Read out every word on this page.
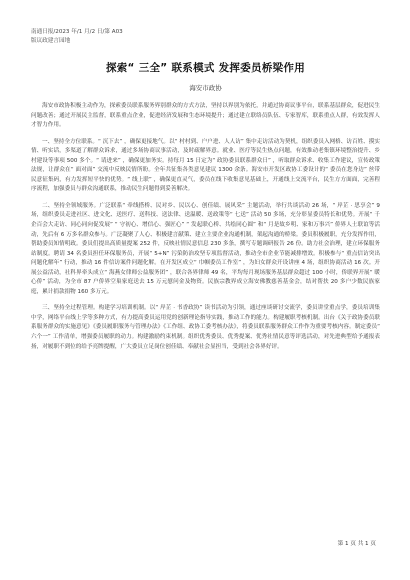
南通日报/2023 年/1 月/2 日/第 A03
版议政建言园地
探索“ 三全” 联系模式 发挥委员桥梁作用
海安市政协

海安市政协积极主动作为，探索委员联系服务界别群众的方式方法，坚持以界别为依托，并通过协商议事平台，联系基层群众，促进民生问题改善；通过开展民主监督，联系重点企业，促进经济发展和生态环境提升；通过建立联络员队伍、专家智库，联系重点人群，有效发挥人才智力作用。

一、坚持全方位联系。“ 沉下去” ，确保更接地气。以“ 村村到、户户进、人人访” 集中走访活动为契机，组织委员入网格、访百姓、摸实情、听实话，多渠道了解群众诉求，通过多场协商议事活动，及时疏解界意。就业、医疗等民生热点问题，有效推动老集镇环境整治提升、乡村建设等事项 500 多个。“ 请进来” ，确保更加务实。持每月 15 日定为“ 政协委员联系群众日” ，听取群众诉求、收集工作建议，宣传政策法规，让群众在“ 面对面” 交流中反映民情所盼。全年共征集各类意见建议 1300 余条。海安市开发区政协工委设计的“ 委员在您身边” 丝带民意征集码，有力发挥短平快的优势。“ 线上联” ，确保更直灵气，委员在线下收集意见基础上，开通线上交流平台，民生方方面面，完善程序流程，加强委员与群众沟通联系，推动民生问题得到妥善解决。

二、坚持全领域服务。广泛联系“ 牵线搭桥、民对乡、民以心、创佳绩、展风采” 主题活动，举行共谈活动 26 场，“ 岸芷 · 思享会” 9 场，组织委员走进社区、进文化、送医疗、送科技、送法律、送温暖、送政策等“ 七送” 活动 50 多场，充分彰显委员特长和优势。开展“ 千企百会大走访、同心同向促发展” “ 守初心、增信心、强匠心” “ 发起联心桥、共绘同心圆” 和“ 月是故乡明、家和万事兴” 侨界人士联谊等活动，先后有 6 万多名群众参与。广泛凝聚了人心、积极建言献策、建立主要企业沟通机制，架起沟通的桥梁。委员积极履职，充分发挥作用，帮助委员知情明政。委员们提出高质量提案 252 件，反映社情民意信息 230 多条，撰写专题调研报告 26 份。助力社会治理，建立环保服务站制度。聘请 34 名委员担任环保服务员，开展“ 5+N” 污染防治攻坚专项监督活动，推动全市企业节能减排增效。积极参与“ 重点信访突出问题化解年” 行动，推动 16 件信访案件问题化解。在开发区成立“ 巾帼委员工作室” ，为妇女群众开设讲座 4 场，组织协商活动 16 次。开展公益活动，社科界牵头成立“ 海燕女律师公益服务团” ，联合各界律师 49 名，平均每月现场服务基层群众超过 100 小时，侨联界开展“ 暖心侨” 活动，为全市 87 户侨界空巢家庭送去 15 万元慰问金及物资。民族宗教界成立海安佛教慈善基金会，结对帮扶 20 多户少数民族家庭，累计捐款捐物 160 多万元。

三、坚持全过程管理。构建学习培训机制。以“ 岸芷 · 书香政协” 读书活动为引领，通过座谈研讨交流学，委员讲堂重点学，委员培训集中学，网络平台线上学等多种方式，有力提高委员运用党的创新理论指导实践，推动工作的能力。构建履职考核机制。出台《关于政协委员联系服务群众的实施意见》《委员履职服务与管理办法》《工作组、政协工委考核办法》，将委员联系服务群众工作作为重要考核内容。制定委员“ 六个一” 工作清单，增强委员履职的动力。构建激励约束机制。组织优秀委员、优秀提案、优秀社情民意等评选活动，对先进典型给予通报表扬，对履职不到位的给予亮牌提醒，广大委员立足岗位创佳绩、奉献社会显担当，受到社会各界好评。

第 1 页 共 1 页
